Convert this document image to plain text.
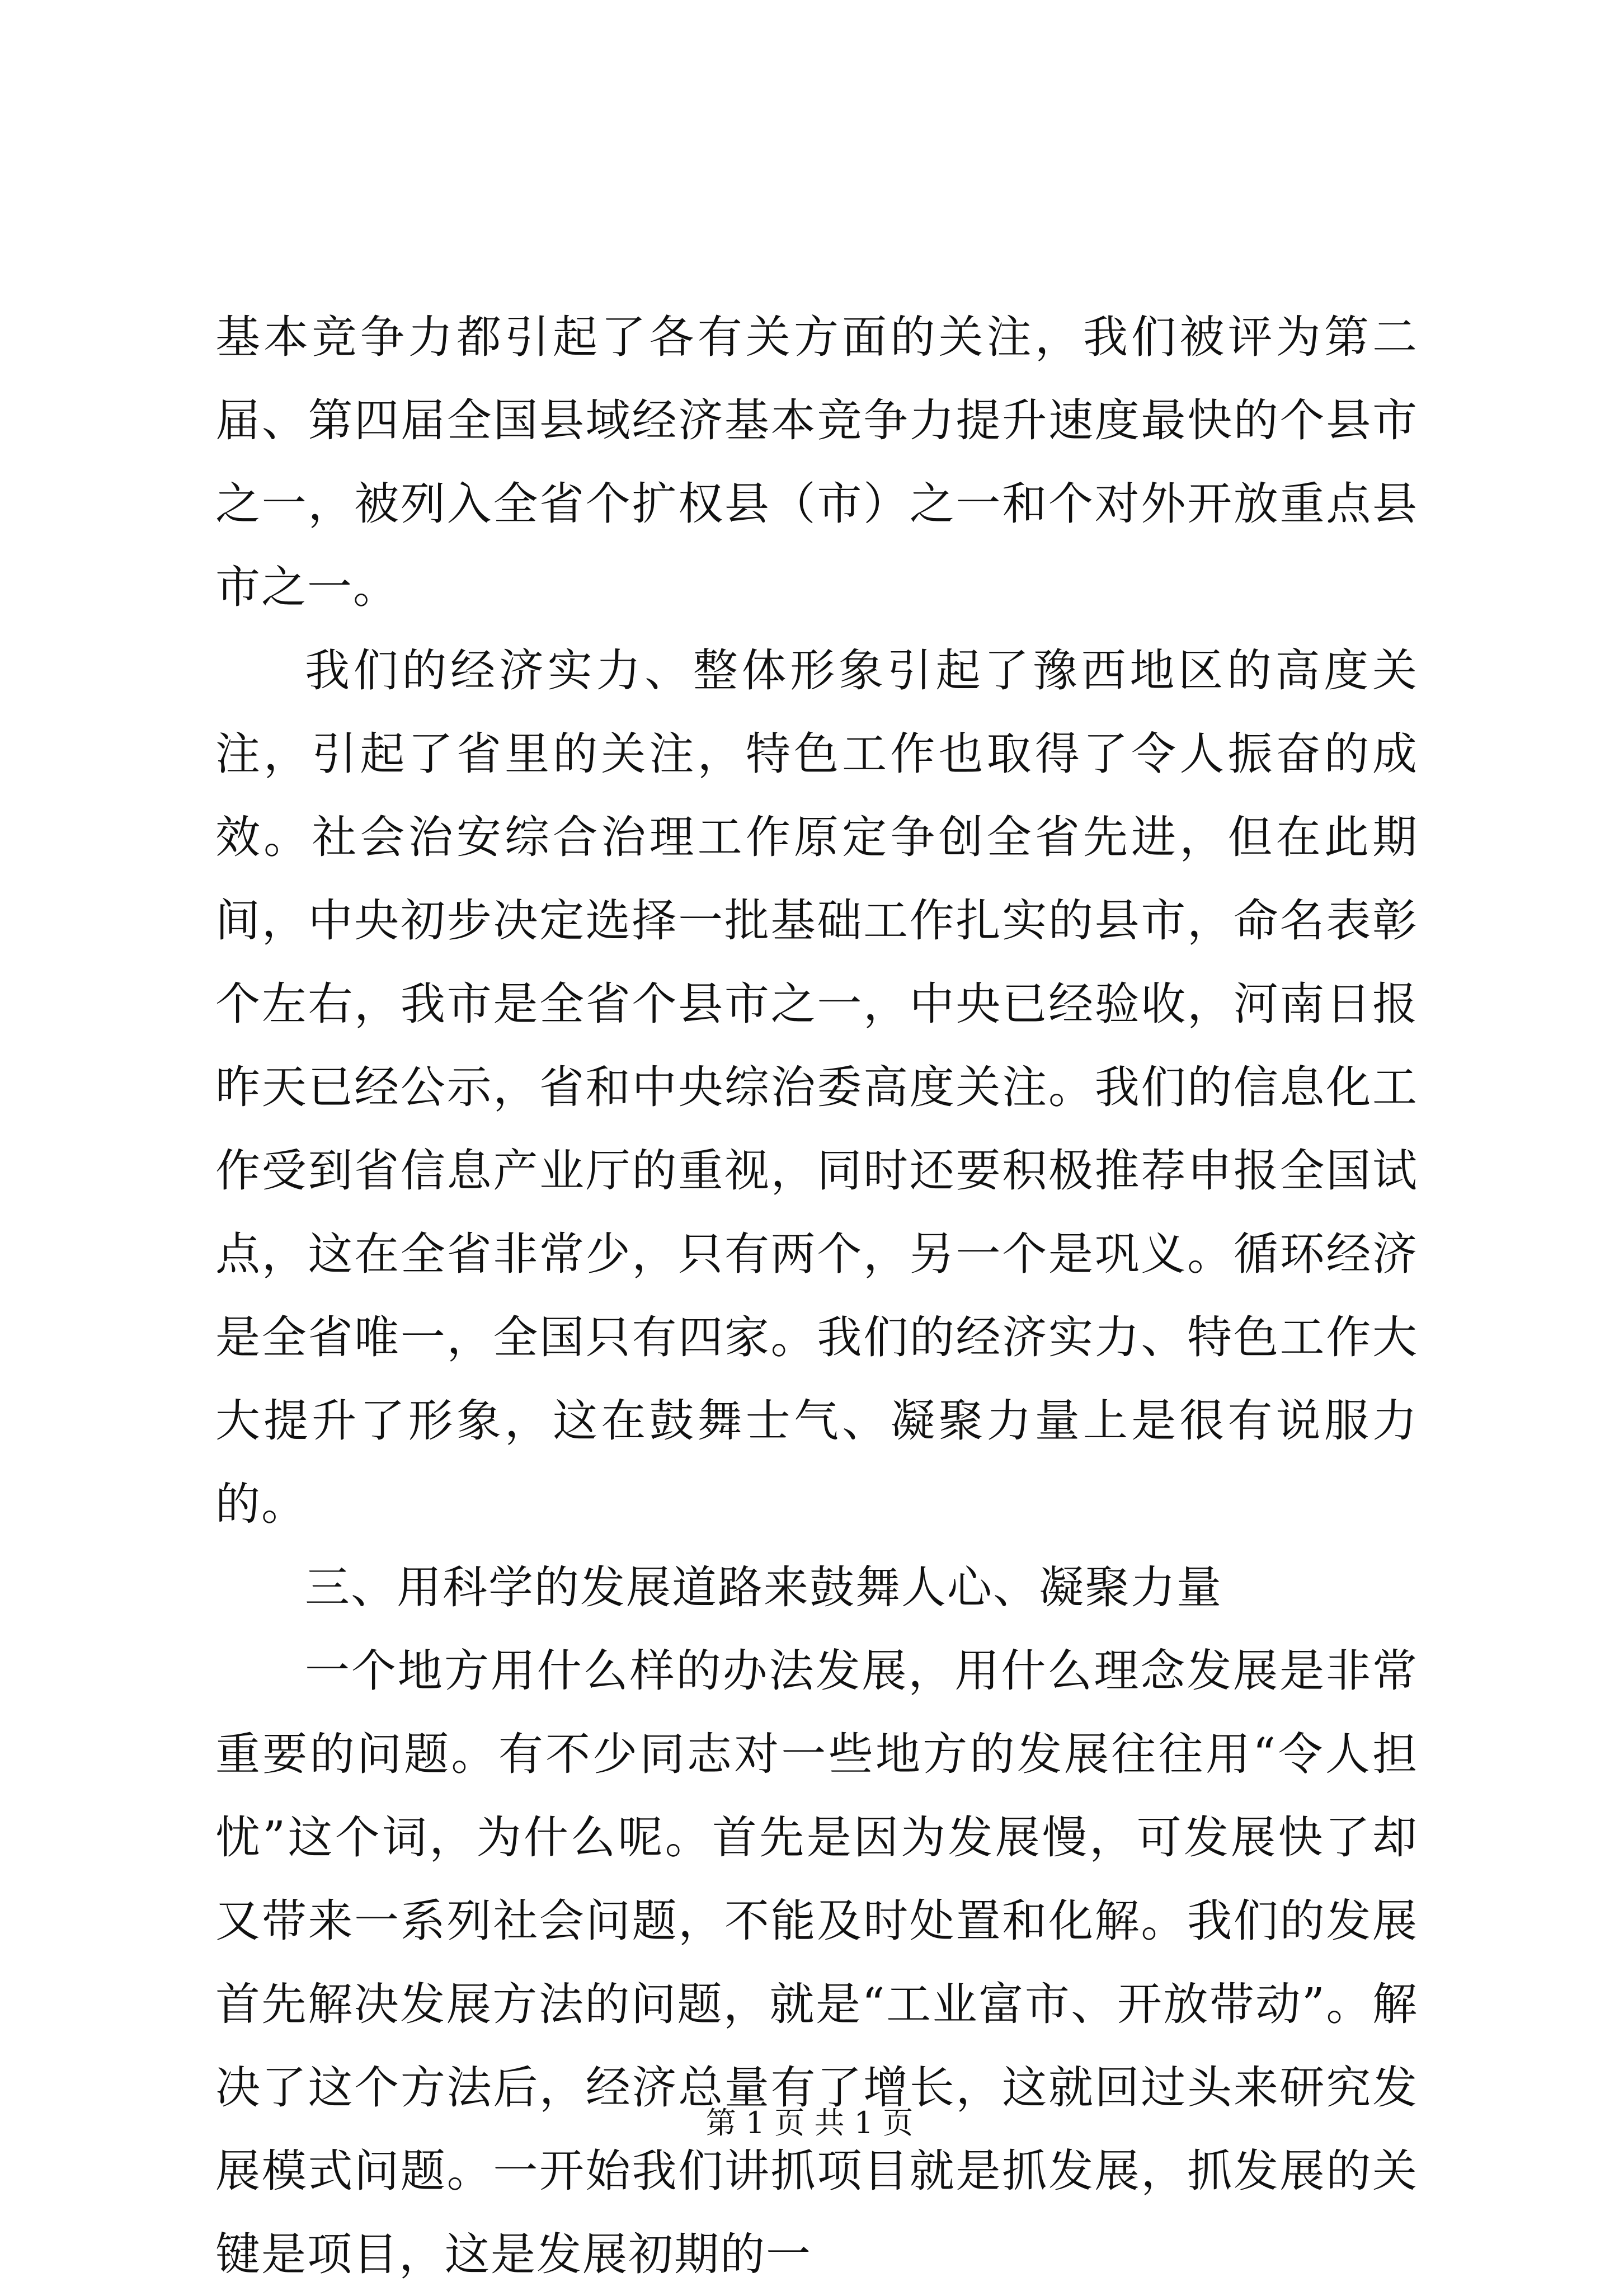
基本竞争力都引起了各有关方面的关注，我们被评为第二届、第四届全国县域经济基本竞争力提升速度最快的个县市之一，被列入全省个扩权县（市）之一和个对外开放重点县市之一。

我们的经济实力、整体形象引起了豫西地区的高度关注，引起了省里的关注，特色工作也取得了令人振奋的成效。社会治安综合治理工作原定争创全省先进，但在此期间，中央初步决定选择一批基础工作扎实的县市，命名表彰个左右，我市是全省个县市之一，中央已经验收，河南日报昨天已经公示，省和中央综治委高度关注。我们的信息化工作受到省信息产业厅的重视，同时还要积极推荐申报全国试点，这在全省非常少，只有两个，另一个是巩义。循环经济是全省唯一，全国只有四家。我们的经济实力、特色工作大大提升了形象，这在鼓舞士气、凝聚力量上是很有说服力的。

三、用科学的发展道路来鼓舞人心、凝聚力量

一个地方用什么样的办法发展，用什么理念发展是非常重要的问题。有不少同志对一些地方的发展往往用“令人担忧”这个词，为什么呢。首先是因为发展慢，可发展快了却又带来一系列社会问题，不能及时处置和化解。我们的发展首先解决发展方法的问题，就是“工业富市、开放带动”。解决了这个方法后，经济总量有了增长，这就回过头来研究发展模式问题。一开始我们讲抓项目就是抓发展，抓发展的关键是项目，这是发展初期的一

第 1 页 共 1 页
